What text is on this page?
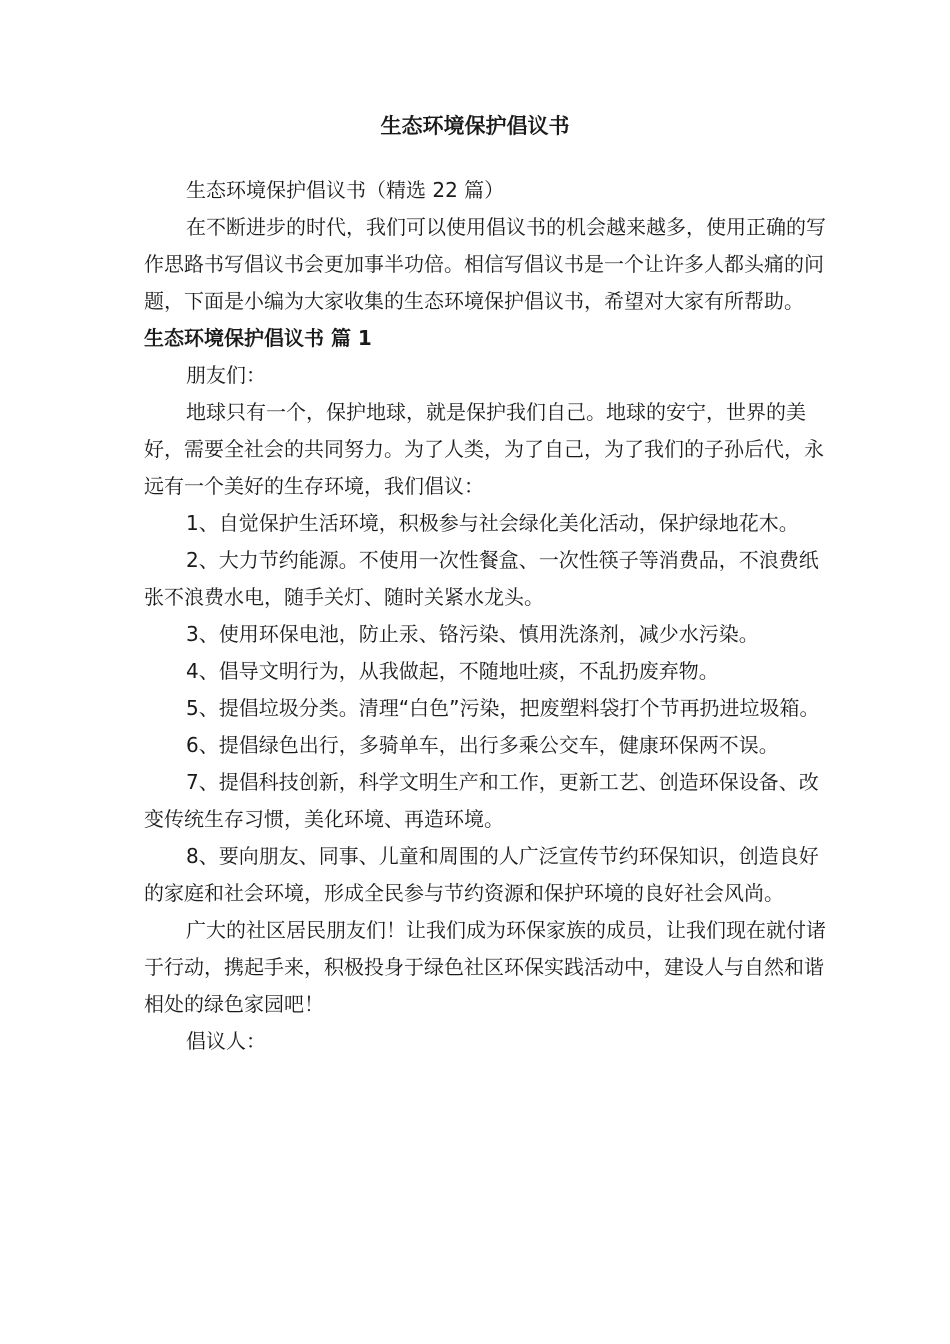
生态环境保护倡议书

生态环境保护倡议书（精选 22 篇）

在不断进步的时代，我们可以使用倡议书的机会越来越多，使用正确的写作思路书写倡议书会更加事半功倍。相信写倡议书是一个让许多人都头痛的问题，下面是小编为大家收集的生态环境保护倡议书，希望对大家有所帮助。

生态环境保护倡议书 篇 1

朋友们：

地球只有一个，保护地球，就是保护我们自己。地球的安宁，世界的美好，需要全社会的共同努力。为了人类，为了自己，为了我们的子孙后代，永远有一个美好的生存环境，我们倡议：

1、自觉保护生活环境，积极参与社会绿化美化活动，保护绿地花木。

2、大力节约能源。不使用一次性餐盒、一次性筷子等消费品，不浪费纸张不浪费水电，随手关灯、随时关紧水龙头。

3、使用环保电池，防止汞、铬污染、慎用洗涤剂，减少水污染。

4、倡导文明行为，从我做起，不随地吐痰，不乱扔废弃物。

5、提倡垃圾分类。清理“白色”污染，把废塑料袋打个节再扔进垃圾箱。

6、提倡绿色出行，多骑单车，出行多乘公交车，健康环保两不误。

7、提倡科技创新，科学文明生产和工作，更新工艺、创造环保设备、改变传统生存习惯，美化环境、再造环境。

8、要向朋友、同事、儿童和周围的人广泛宣传节约环保知识，创造良好的家庭和社会环境，形成全民参与节约资源和保护环境的良好社会风尚。

广大的社区居民朋友们！让我们成为环保家族的成员，让我们现在就付诸于行动，携起手来，积极投身于绿色社区环保实践活动中，建设人与自然和谐相处的绿色家园吧！

倡议人：
